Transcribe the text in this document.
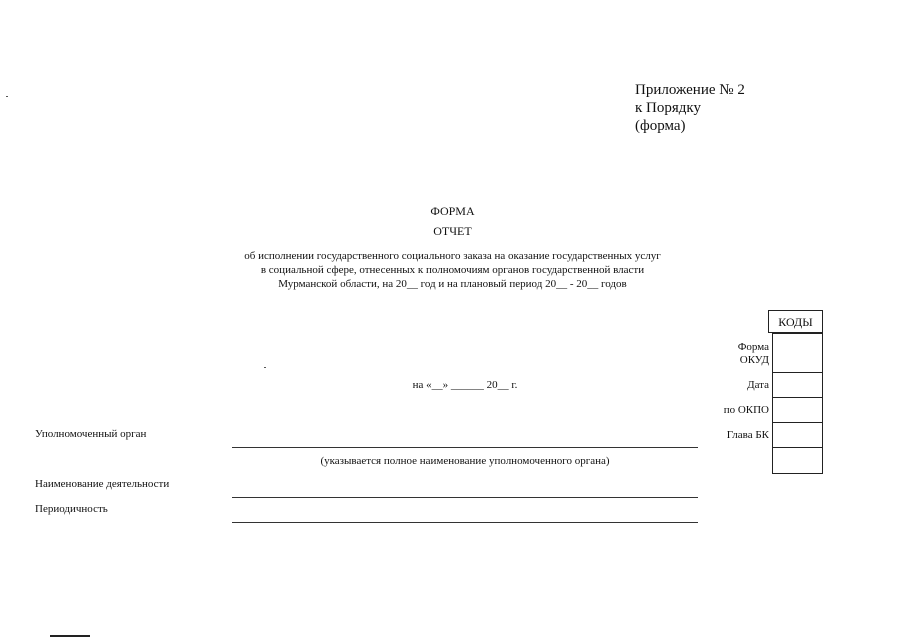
Приложение № 2
к Порядку
(форма)
ФОРМА
ОТЧЕТ
об исполнении государственного социального заказа на оказание государственных услуг
в социальной сфере, отнесенных к полномочиям органов государственной власти
Мурманской области, на 20__ год и на плановый период 20__ - 20__ годов
КОДЫ
Форма
ОКУД
Дата
по ОКПО
Глава БК
на «__» ______ 20__ г.
Уполномоченный орган
(указывается полное наименование уполномоченного органа)
Наименование деятельности
Периодичность
